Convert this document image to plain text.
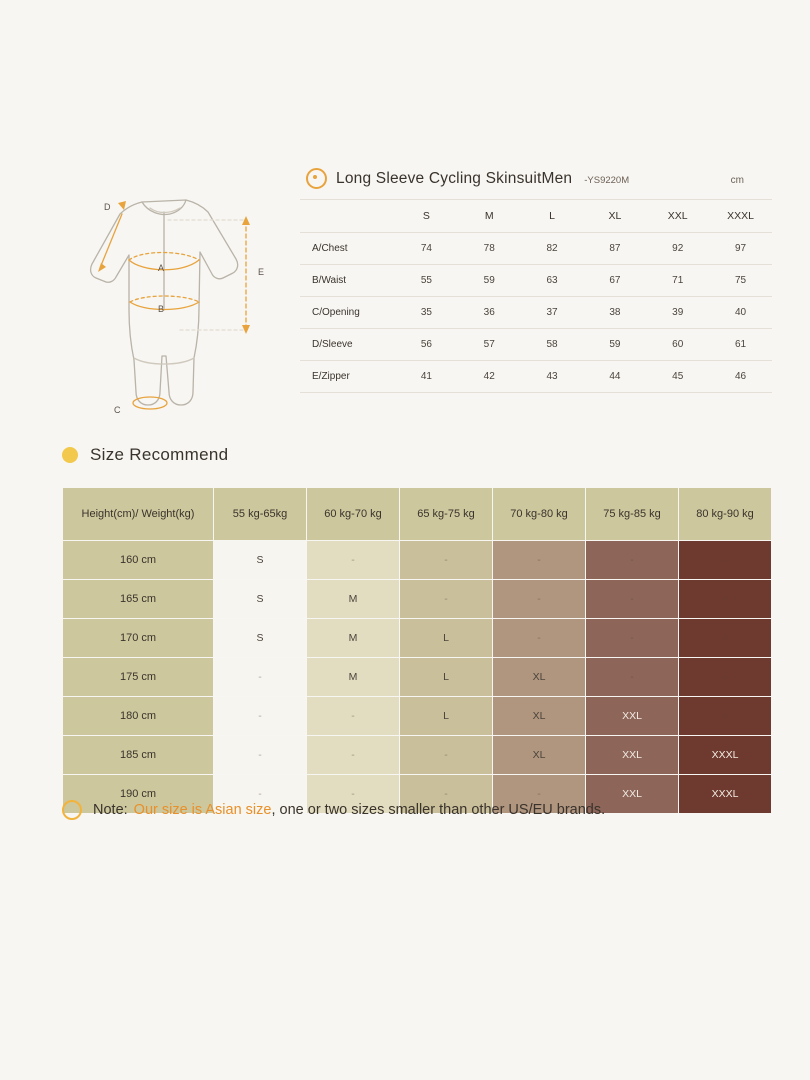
A
B
C
D
E
Long Sleeve Cycling SkinsuitMen -YS9220M	cm
	S	M	L	XL	XXL	XXXL
A/Chest	74	78	82	87	92	97
B/Waist	55	59	63	67	71	75
C/Opening	35	36	37	38	39	40
D/Sleeve	56	57	58	59	60	61
E/Zipper	41	42	43	44	45	46
Size Recommend
Height(cm)/ Weight(kg)	55 kg-65kg	60 kg-70 kg	65 kg-75 kg	70 kg-80 kg	75 kg-85 kg	80 kg-90 kg
160 cm	S	-	-	-	-	-
165 cm	S	M	-	-	-	-
170 cm	S	M	L	-	-	-
175 cm	-	M	L	XL	-	-
180 cm	-	-	L	XL	XXL	-
185 cm	-	-	-	XL	XXL	XXXL
190 cm	-	-	-	-	XXL	XXXL
Note: Our size is Asian size , one or two sizes smaller than other US/EU brands.
